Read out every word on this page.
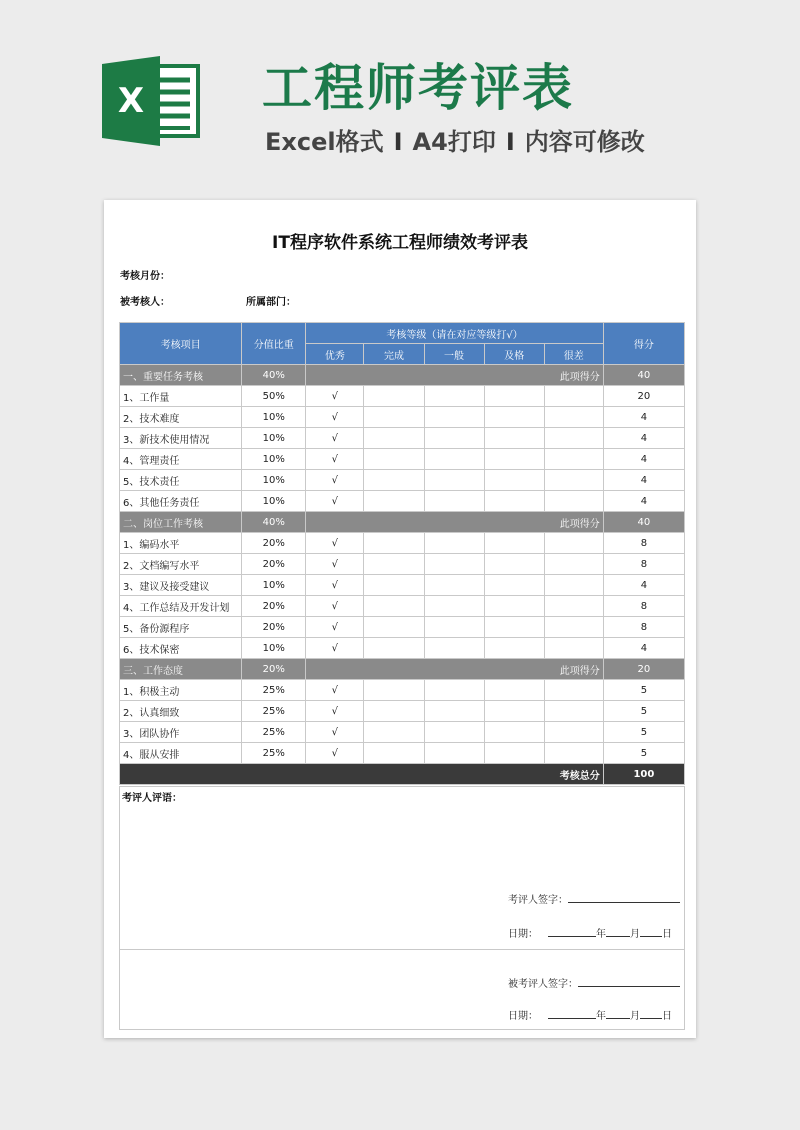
X 工程师考评表
Excel格式 I A4打印 I 内容可修改
IT程序软件系统工程师绩效考评表
考核月份：
被考核人：	所属部门：
考核项目	分值比重	考核等级（请在对应等级打√）					得分
		优秀	完成	一般	及格	很差	
一、重要任务考核	40%	此项得分					40
1、工作量	50%	√					20
2、技术难度	10%	√					4
3、新技术使用情况	10%	√					4
4、管理责任	10%	√					4
5、技术责任	10%	√					4
6、其他任务责任	10%	√					4
二、岗位工作考核	40%	此项得分					40
1、编码水平	20%	√					8
2、文档编写水平	20%	√					8
3、建议及接受建议	10%	√					4
4、工作总结及开发计划	20%	√					8
5、备份源程序	20%	√					8
6、技术保密	10%	√					4
三、工作态度	20%	此项得分					20
1、积极主动	25%	√					5
2、认真细致	25%	√					5
3、团队协作	25%	√					5
4、服从安排	25%	√					5
考核总分							100
考评人评语：
考评人签字：
日期：	年 月 日
被考评人签字：
日期：	年 月 日
